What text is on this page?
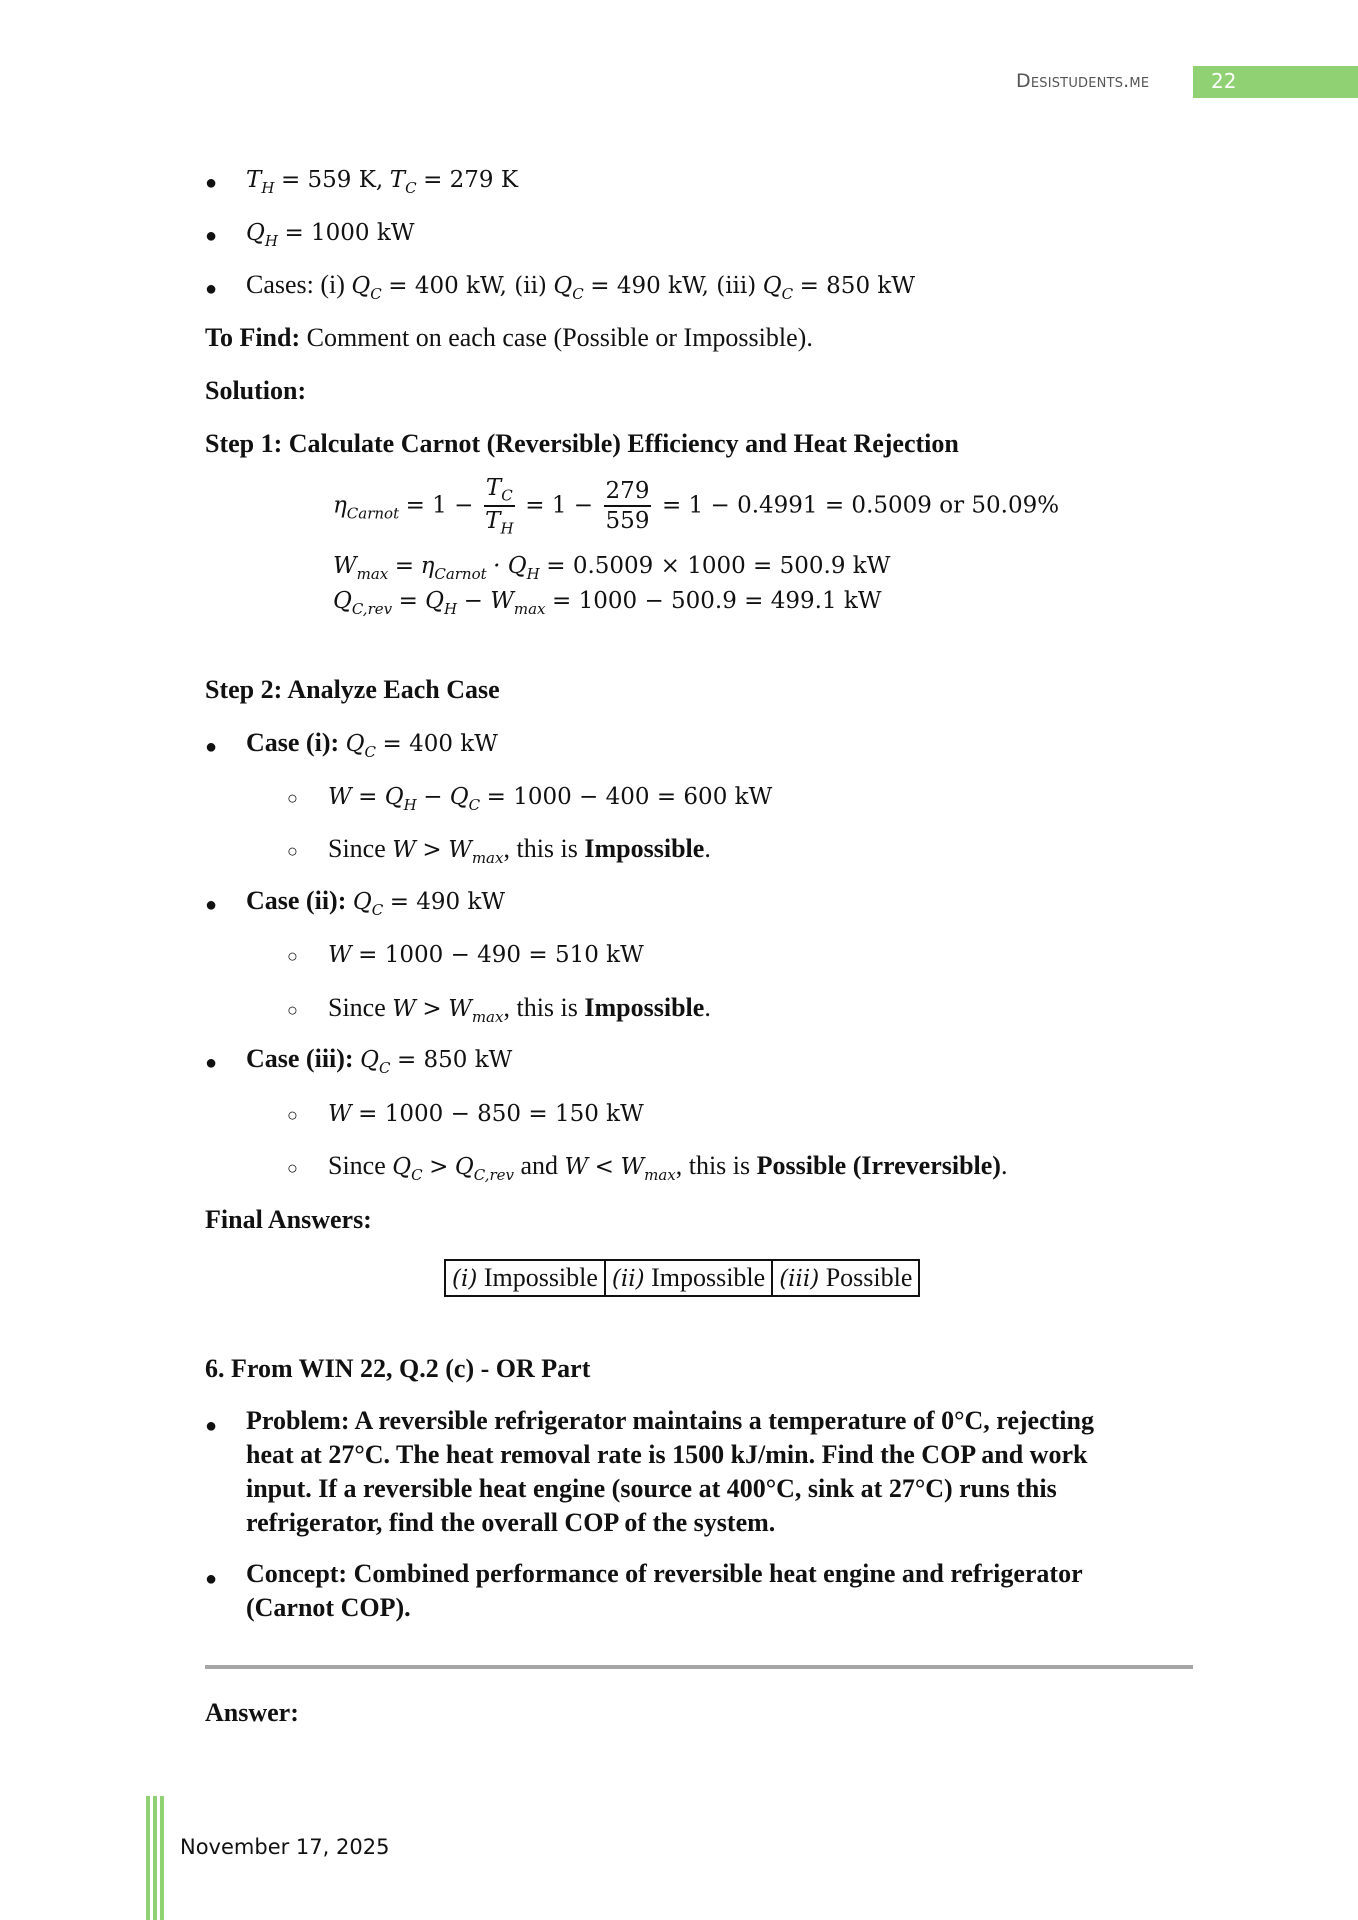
Desistudents.me	22
● $T_H = 559$ K, $T_C = 279$ K
● $Q_H = 1000$ kW
● Cases: (i) $Q_C = 400$ kW, (ii) $Q_C = 490$ kW, (iii) $Q_C = 850$ kW
To Find: Comment on each case (Possible or Impossible).
Solution:
Step 1: Calculate Carnot (Reversible) Efficiency and Heat Rejection
$\eta_{Carnot} = 1 - \frac{T_C}{T_H} = 1 - \frac{279}{559} = 1 - 0.4991 = 0.5009$ or 50.09%
$W_{max} = \eta_{Carnot} \cdot Q_H = 0.5009 \times 1000 = 500.9$ kW
$Q_{C,rev} = Q_H - W_{max} = 1000 - 500.9 = 499.1$ kW
Step 2: Analyze Each Case
● Case (i): $Q_C = 400$ kW
○ $W = Q_H - Q_C = 1000 - 400 = 600$ kW
○ Since $W > W_{max}$, this is Impossible.
● Case (ii): $Q_C = 490$ kW
○ W = 1000 − 490 = 510 kW
○ Since $W > W_{max}$, this is Impossible.
● Case (iii): $Q_C = 850$ kW
○ W = 1000 − 850 = 150 kW
○ Since $Q_C > Q_{C,rev}$ and $W < W_{max}$, this is Possible (Irreversible).
Final Answers:
(i) Impossible	(ii) Impossible	(iii) Possible
6. From WIN 22, Q.2 (c) - OR Part
● Problem: A reversible refrigerator maintains a temperature of 0°C, rejecting heat at 27°C. The heat removal rate is 1500 kJ/min. Find the COP and work input. If a reversible heat engine (source at 400°C, sink at 27°C) runs this refrigerator, find the overall COP of the system.
● Concept: Combined performance of reversible heat engine and refrigerator (Carnot COP).
Answer:
November 17, 2025
